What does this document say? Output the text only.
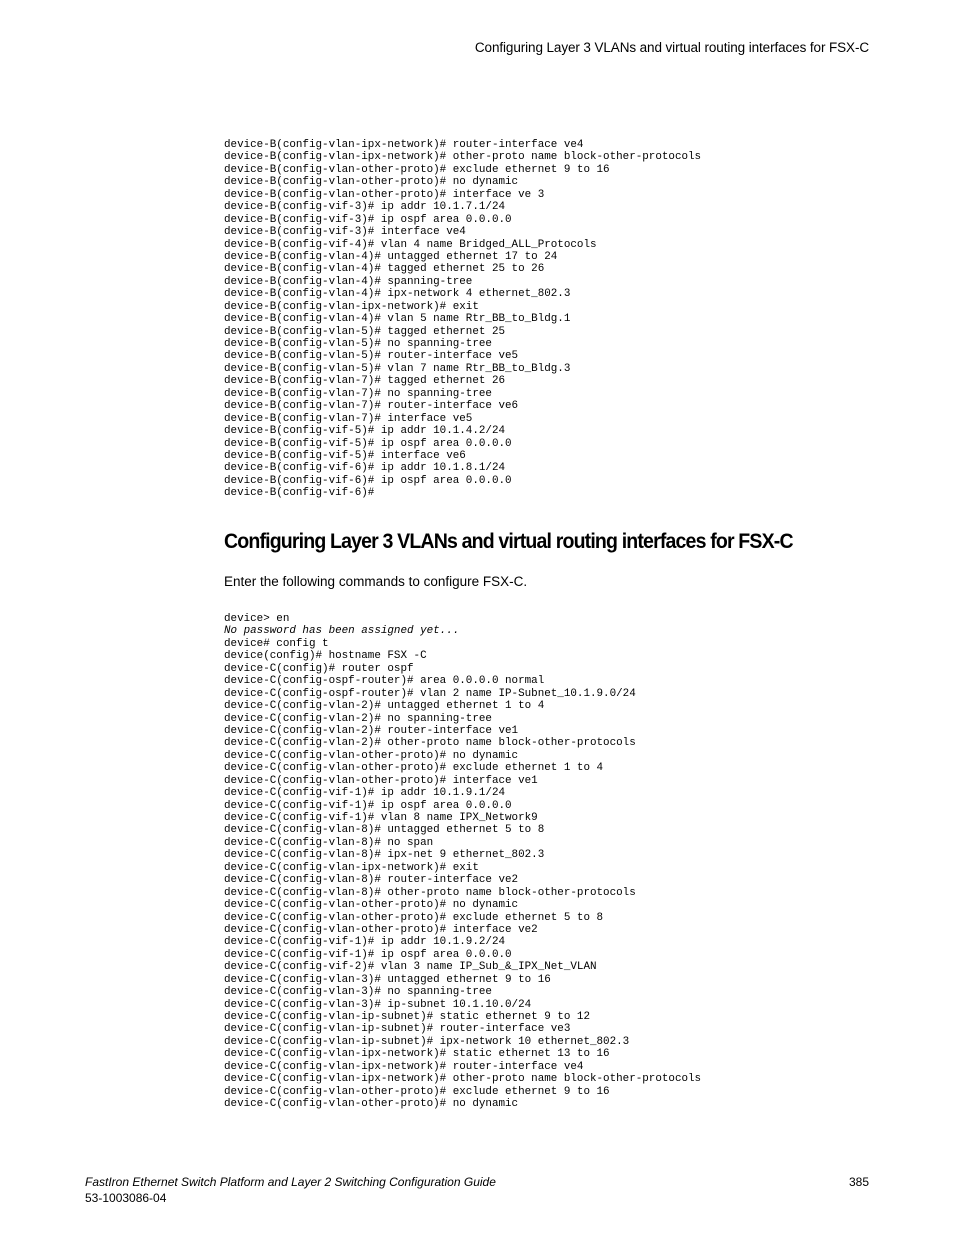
Configuring Layer 3 VLANs and virtual routing interfaces for FSX-C
device-B(config-vlan-ipx-network)# router-interface ve4
device-B(config-vlan-ipx-network)# other-proto name block-other-protocols
device-B(config-vlan-other-proto)# exclude ethernet 9 to 16
device-B(config-vlan-other-proto)# no dynamic
device-B(config-vlan-other-proto)# interface ve 3
device-B(config-vif-3)# ip addr 10.1.7.1/24
device-B(config-vif-3)# ip ospf area 0.0.0.0
device-B(config-vif-3)# interface ve4
device-B(config-vif-4)# vlan 4 name Bridged_ALL_Protocols
device-B(config-vlan-4)# untagged ethernet 17 to 24
device-B(config-vlan-4)# tagged ethernet 25 to 26
device-B(config-vlan-4)# spanning-tree
device-B(config-vlan-4)# ipx-network 4 ethernet_802.3
device-B(config-vlan-ipx-network)# exit
device-B(config-vlan-4)# vlan 5 name Rtr_BB_to_Bldg.1
device-B(config-vlan-5)# tagged ethernet 25
device-B(config-vlan-5)# no spanning-tree
device-B(config-vlan-5)# router-interface ve5
device-B(config-vlan-5)# vlan 7 name Rtr_BB_to_Bldg.3
device-B(config-vlan-7)# tagged ethernet 26
device-B(config-vlan-7)# no spanning-tree
device-B(config-vlan-7)# router-interface ve6
device-B(config-vlan-7)# interface ve5
device-B(config-vif-5)# ip addr 10.1.4.2/24
device-B(config-vif-5)# ip ospf area 0.0.0.0
device-B(config-vif-5)# interface ve6
device-B(config-vif-6)# ip addr 10.1.8.1/24
device-B(config-vif-6)# ip ospf area 0.0.0.0
device-B(config-vif-6)#
Configuring Layer 3 VLANs and virtual routing interfaces for FSX-C

Enter the following commands to configure FSX-C.

device> en
No password has been assigned yet...
device# config t
device(config)# hostname FSX -C
device-C(config)# router ospf
device-C(config-ospf-router)# area 0.0.0.0 normal
device-C(config-ospf-router)# vlan 2 name IP-Subnet_10.1.9.0/24
device-C(config-vlan-2)# untagged ethernet 1 to 4
device-C(config-vlan-2)# no spanning-tree
device-C(config-vlan-2)# router-interface ve1
device-C(config-vlan-2)# other-proto name block-other-protocols
device-C(config-vlan-other-proto)# no dynamic
device-C(config-vlan-other-proto)# exclude ethernet 1 to 4
device-C(config-vlan-other-proto)# interface ve1
device-C(config-vif-1)# ip addr 10.1.9.1/24
device-C(config-vif-1)# ip ospf area 0.0.0.0
device-C(config-vif-1)# vlan 8 name IPX_Network9
device-C(config-vlan-8)# untagged ethernet 5 to 8
device-C(config-vlan-8)# no span
device-C(config-vlan-8)# ipx-net 9 ethernet_802.3
device-C(config-vlan-ipx-network)# exit
device-C(config-vlan-8)# router-interface ve2
device-C(config-vlan-8)# other-proto name block-other-protocols
device-C(config-vlan-other-proto)# no dynamic
device-C(config-vlan-other-proto)# exclude ethernet 5 to 8
device-C(config-vlan-other-proto)# interface ve2
device-C(config-vif-1)# ip addr 10.1.9.2/24
device-C(config-vif-1)# ip ospf area 0.0.0.0
device-C(config-vif-2)# vlan 3 name IP_Sub_&_IPX_Net_VLAN
device-C(config-vlan-3)# untagged ethernet 9 to 16
device-C(config-vlan-3)# no spanning-tree
device-C(config-vlan-3)# ip-subnet 10.1.10.0/24
device-C(config-vlan-ip-subnet)# static ethernet 9 to 12
device-C(config-vlan-ip-subnet)# router-interface ve3
device-C(config-vlan-ip-subnet)# ipx-network 10 ethernet_802.3
device-C(config-vlan-ipx-network)# static ethernet 13 to 16
device-C(config-vlan-ipx-network)# router-interface ve4
device-C(config-vlan-ipx-network)# other-proto name block-other-protocols
device-C(config-vlan-other-proto)# exclude ethernet 9 to 16
device-C(config-vlan-other-proto)# no dynamic
FastIron Ethernet Switch Platform and Layer 2 Switching Configuration Guide
53-1003086-04
385
